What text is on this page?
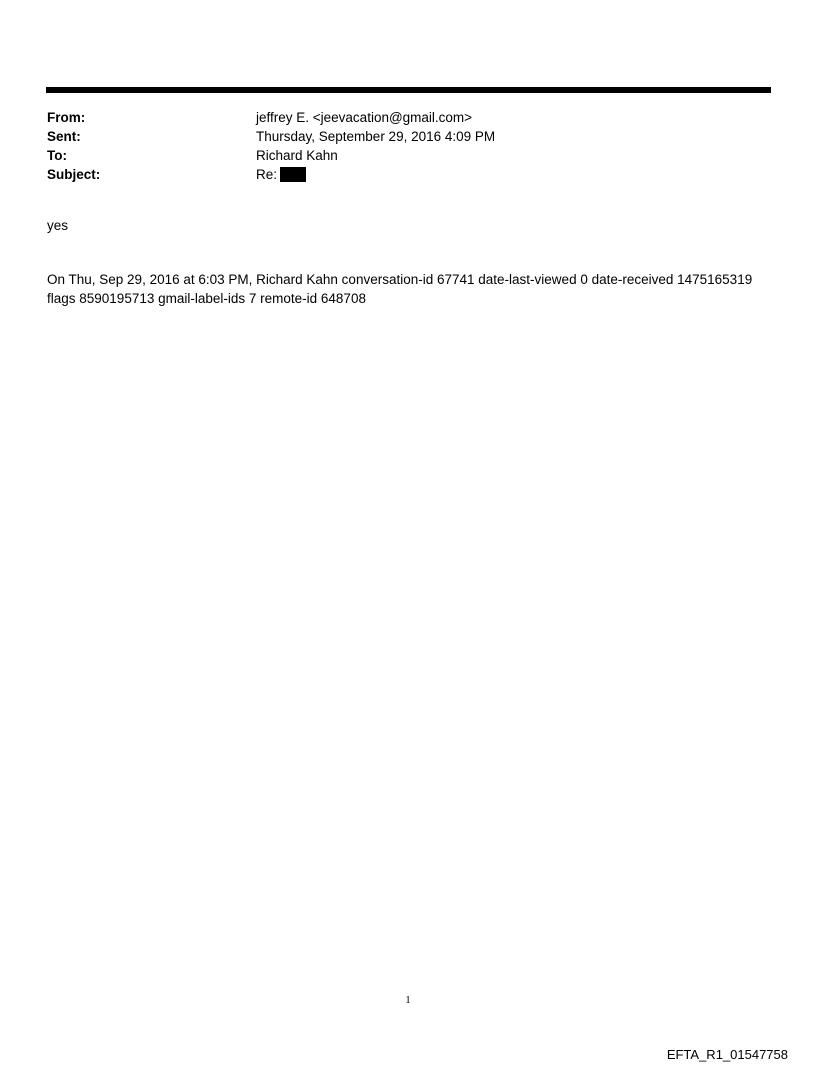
From:	jeffrey E. <jeevacation@gmail.com>
Sent:	Thursday, September 29, 2016 4:09 PM
To:	Richard Kahn
Subject:	Re:
yes
On Thu, Sep 29, 2016 at 6:03 PM, Richard Kahn conversation-id 67741 date-last-viewed 0 date-received 1475165319 flags 8590195713 gmail-label-ids 7 remote-id 648708
1
EFTA_R1_01547758
